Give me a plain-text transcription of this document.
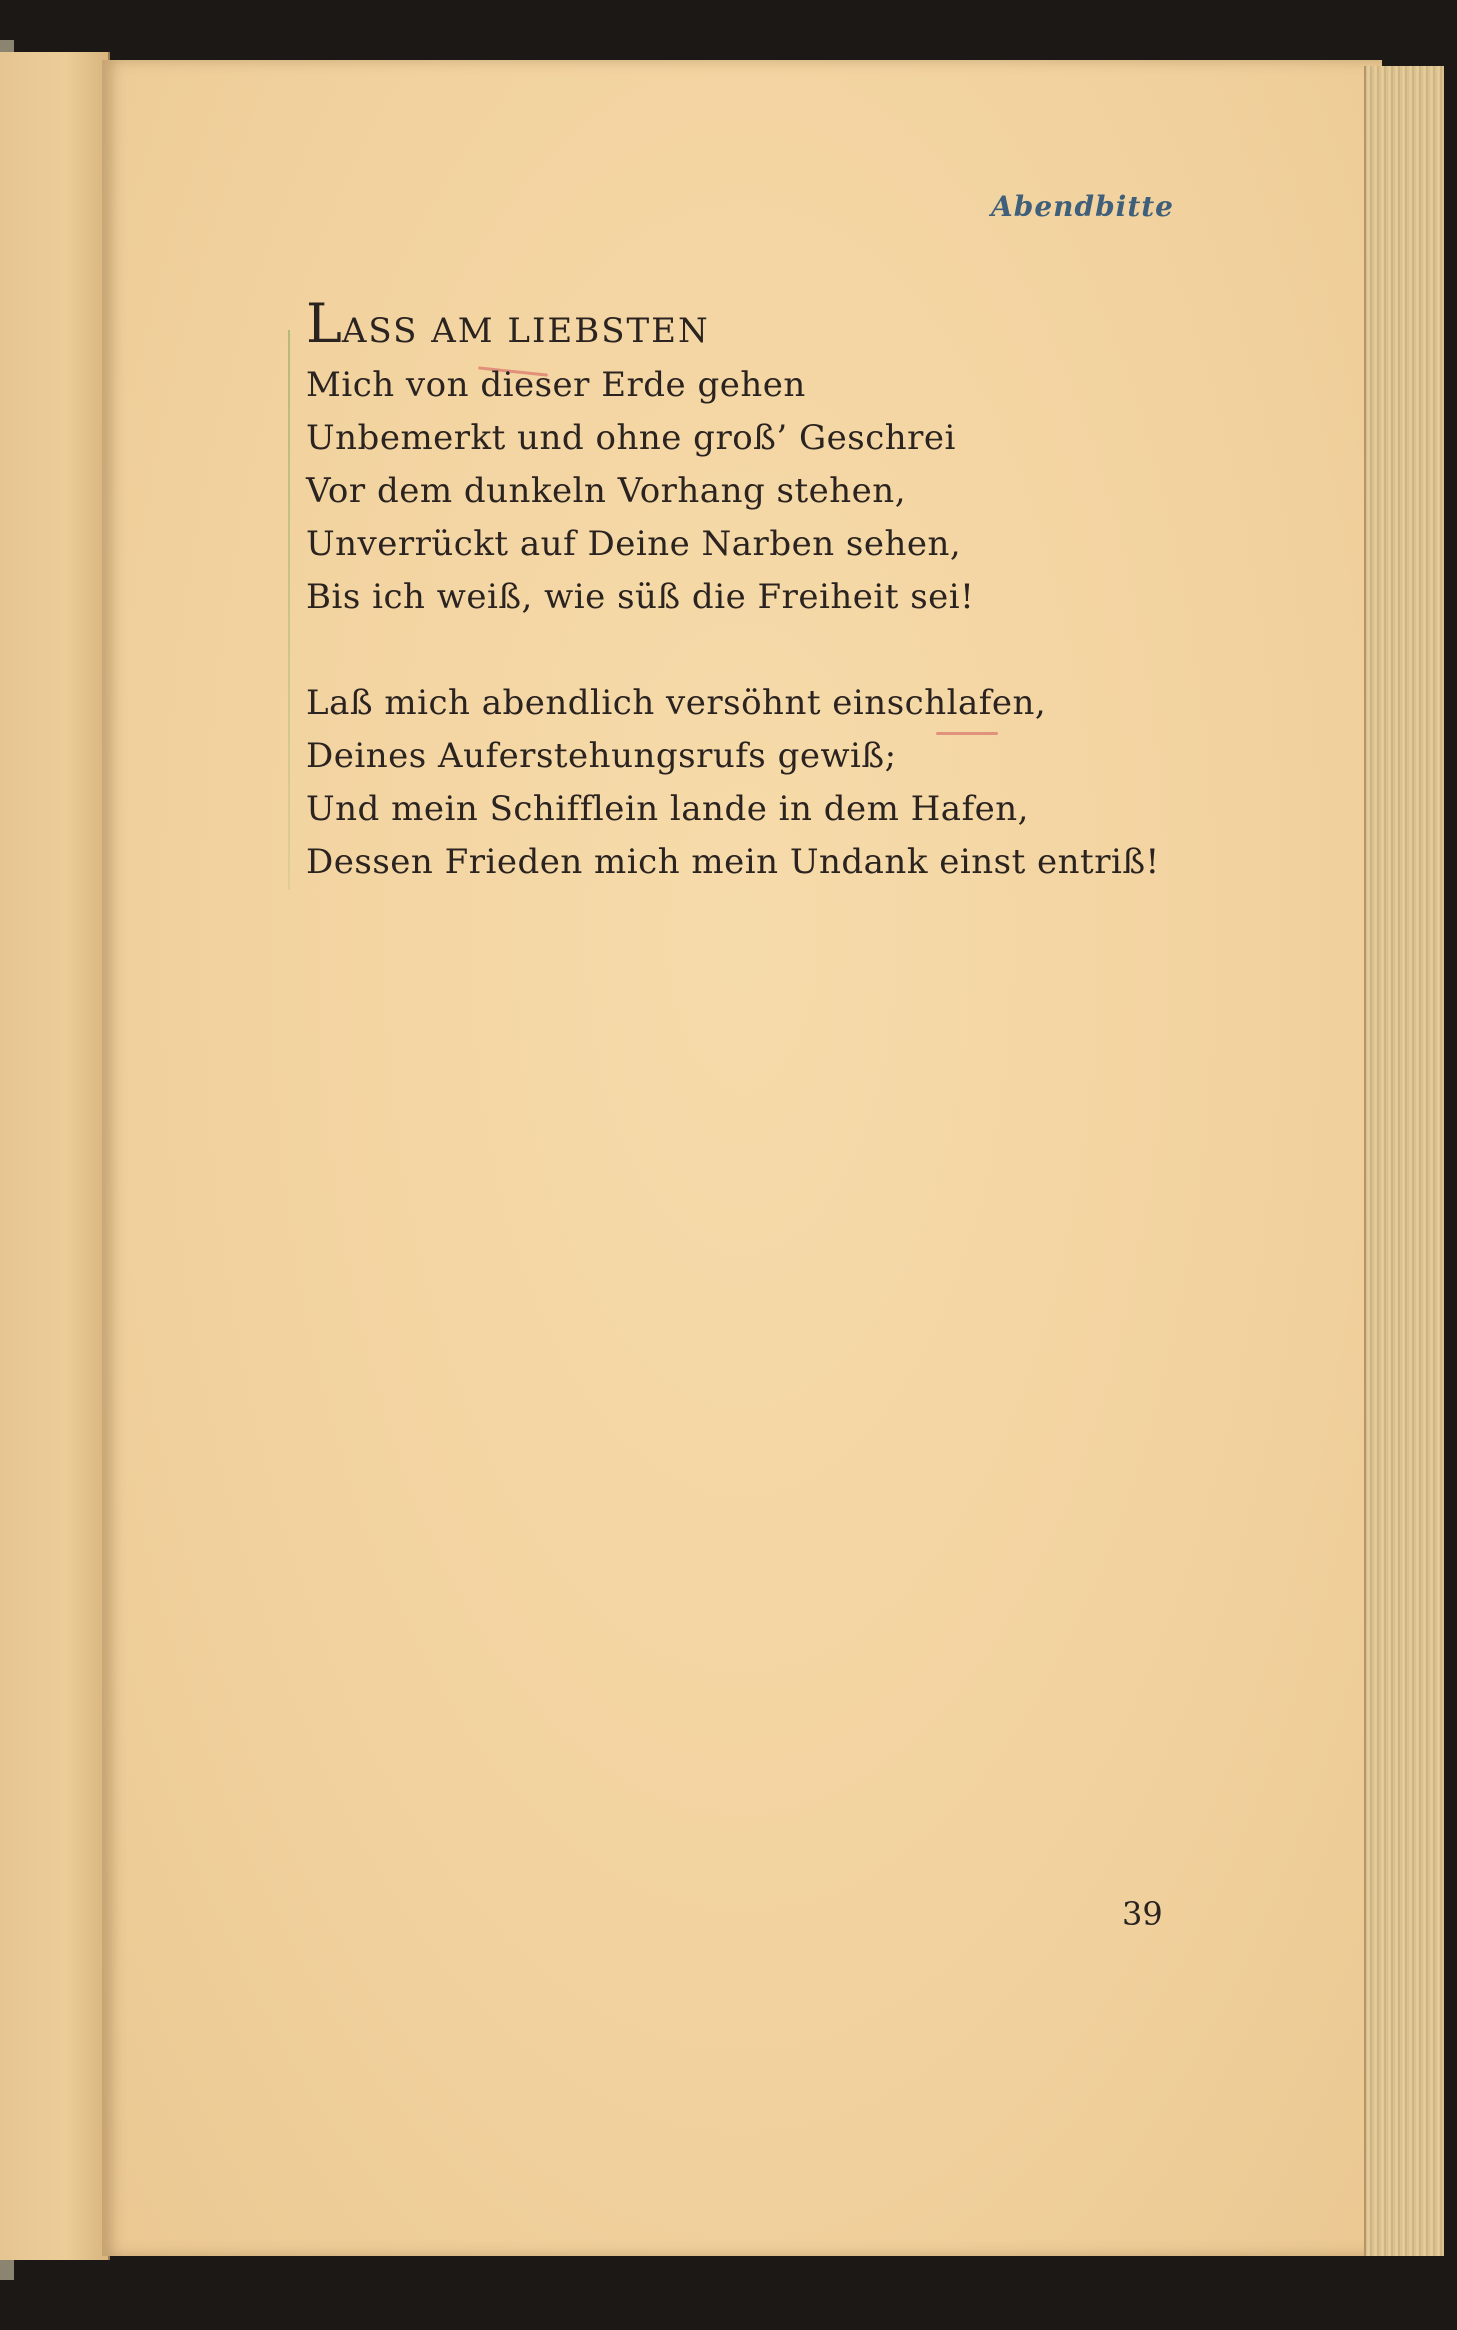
Abendbitte
LASS AM LIEBSTEN
Mich von dieser Erde gehen
Unbemerkt und ohne groß’ Geschrei
Vor dem dunkeln Vorhang stehen,
Unverrückt auf Deine Narben sehen,
Bis ich weiß, wie süß die Freiheit sei!
Laß mich abendlich versöhnt einschlafen,
Deines Auferstehungsrufs gewiß;
Und mein Schifflein lande in dem Hafen,
Dessen Frieden mich mein Undank einst entriß!
39
